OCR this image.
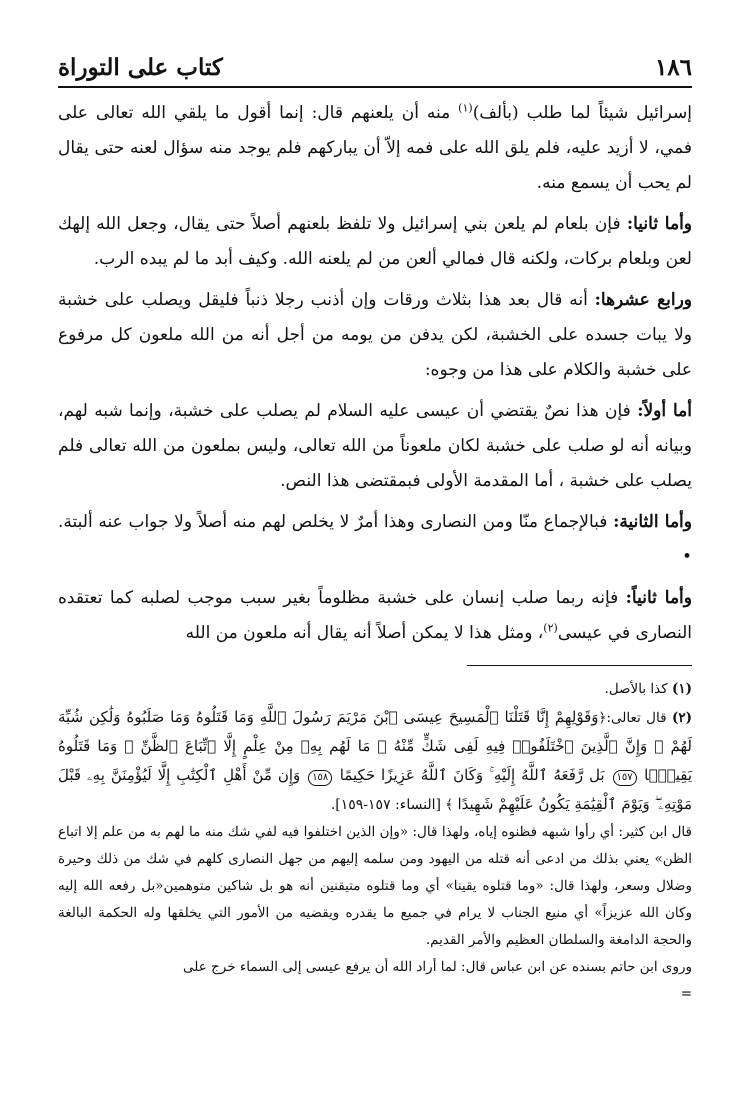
١٨٦
كتاب على التوراة

إسرائيل شيئاً لما طلب (بألف)$^{(١)}$ منه أن يلعنهم قال: إنما أقول ما يلقي الله تعالى على فمي، لا أزيد عليه، فلم يلق الله على فمه إلاّ أن يباركهم فلم يوجد منه سؤال لعنه حتى يقال لم يحب أن يسمع منه.

وأما ثانيا: فإن بلعام لم يلعن بني إسرائيل ولا تلفظ بلعنهم أصلاً حتى يقال، وجعل الله إلهك لعن وبلعام بركات، ولكنه قال فمالي ألعن من لم يلعنه الله. وكيف أبد ما لم يبده الرب.

ورابع عشرها: أنه قال بعد هذا بثلاث ورقات وإن أذنب رجلا ذنباً فليقل ويصلب على خشبة ولا يبات جسده على الخشبة، لكن يدفن من يومه من أجل أنه من الله ملعون كل مرفوع على خشبة والكلام على هذا من وجوه:

أما أولاً: فإن هذا نصٌ يقتضي أن عيسى عليه السلام لم يصلب على خشبة، وإنما شبه لهم، وبيانه أنه لو صلب على خشبة لكان ملعوناً من الله تعالى، وليس بملعون من الله تعالى فلم يصلب على خشبة ، أما المقدمة الأولى فبمقتضى هذا النص.

وأما الثانية: فبالإجماع منّا ومن النصارى وهذا أمرٌ لا يخلص لهم منه أصلاً ولا جواب عنه ألبتة. •

وأما ثانياً: فإنه ربما صلب إنسان على خشبة مظلوماً بغير سبب موجب لصلبه كما تعتقده النصارى في عيسى$^{(٢)}$، ومثل هذا لا يمكن أصلاً أنه يقال أنه ملعون من الله

(١) كذا بالأصل.

(٢) قال تعالى:﴿وَقَوْلِهِمْ إِنَّا قَتَلْنَا ٱلْمَسِيحَ عِيسَى ٱبْنَ مَرْيَمَ رَسُولَ ٱللَّهِ وَمَا قَتَلُوهُ وَمَا صَلَبُوهُ وَلَٰكِن شُبِّهَ لَهُمْ ۚ وَإِنَّ ٱلَّذِينَ ٱخْتَلَفُوا۟ فِيهِ لَفِى شَكٍّ مِّنْهُ ۚ مَا لَهُم بِهِۦ مِنْ عِلْمٍ إِلَّا ٱتِّبَاعَ ٱلظَّنِّ ۚ وَمَا قَتَلُوهُ يَقِينًۢا ١٥٧ بَل رَّفَعَهُ ٱللَّهُ إِلَيْهِ ۚ وَكَانَ ٱللَّهُ عَزِيزًا حَكِيمًا ١٥٨ وَإِن مِّنْ أَهْلِ ٱلْكِتَٰبِ إِلَّا لَيُؤْمِنَنَّ بِهِۦ قَبْلَ مَوْتِهِۦ ۖ وَيَوْمَ ٱلْقِيَٰمَةِ يَكُونُ عَلَيْهِمْ شَهِيدًا ﴾ [النساء: ١٥٧-١٥٩].

قال ابن كثير: أي رأوا شبهه فظنوه إياه، ولهذا قال: «وإن الذين اختلفوا فيه لفي شك منه ما لهم به من علم إلا اتباع الظن» يعني بذلك من ادعى أنه قتله من اليهود ومن سلمه إليهم من جهل النصارى كلهم في شك من ذلك وحيرة وضلال وسعر، ولهذا قال: «وما قتلوه يقينا» أي وما قتلوه متيقنين أنه هو بل شاكين متوهمين«بل رفعه الله إليه وكان الله عزيزاً» أي منيع الجناب لا يرام في جميع ما يقدره ويقضيه من الأمور التي يخلقها وله الحكمة البالغة والحجة الدامغة والسلطان العظيم والأمر القديم.

وروى ابن حاتم بسنده عن ابن عباس قال: لما أراد الله أن يرفع عيسى إلى السماء خرج على
=
